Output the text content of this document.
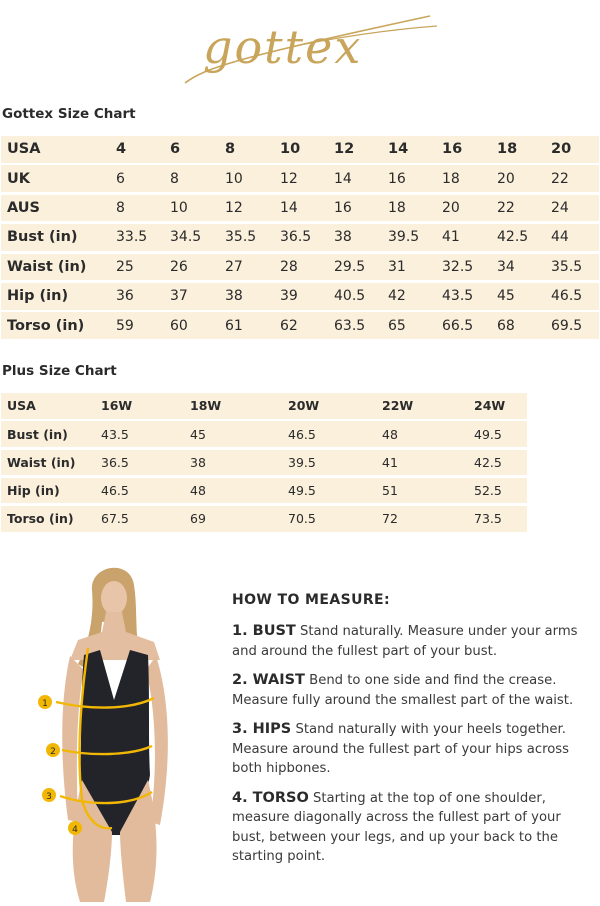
gottex
Gottex Size Chart
USA	4	6	8	10 12 14 16 18 20
UK	6	8	10	12	14	16	18	20	22
AUS	8	10	12	14	16	18	20	22	24
Bust (in)	33.5 34.5 35.5 36.5 38	39.5 41	42.5 44
Waist (in) 25	26	27	28	29.5 31	32.5 34	35.5
Hip (in)	36	37	38	39	40.5 42	43.5 45	46.5
Torso (in) 59	60	61	62	63.5 65	66.5 68	69.5
Plus Size Chart
USA	16W	18W	20W	22W	24W
Bust (in)	43.5	45	46.5	48	49.5
Waist (in) 36.5	38	39.5	41	42.5
Hip (in)	46.5	48	49.5	51	52.5
Torso (in) 67.5	69	70.5	72	73.5
1
2
3
4
HOW TO MEASURE:

1. BUST Stand naturally. Measure under your arms and around the fullest part of your bust.

2. WAIST Bend to one side and find the crease. Measure fully around the smallest part of the waist.

3. HIPS Stand naturally with your heels together. Measure around the fullest part of your hips across both hipbones.

4. TORSO Starting at the top of one shoulder, measure diagonally across the fullest part of your bust, between your legs, and up your back to the starting point.
